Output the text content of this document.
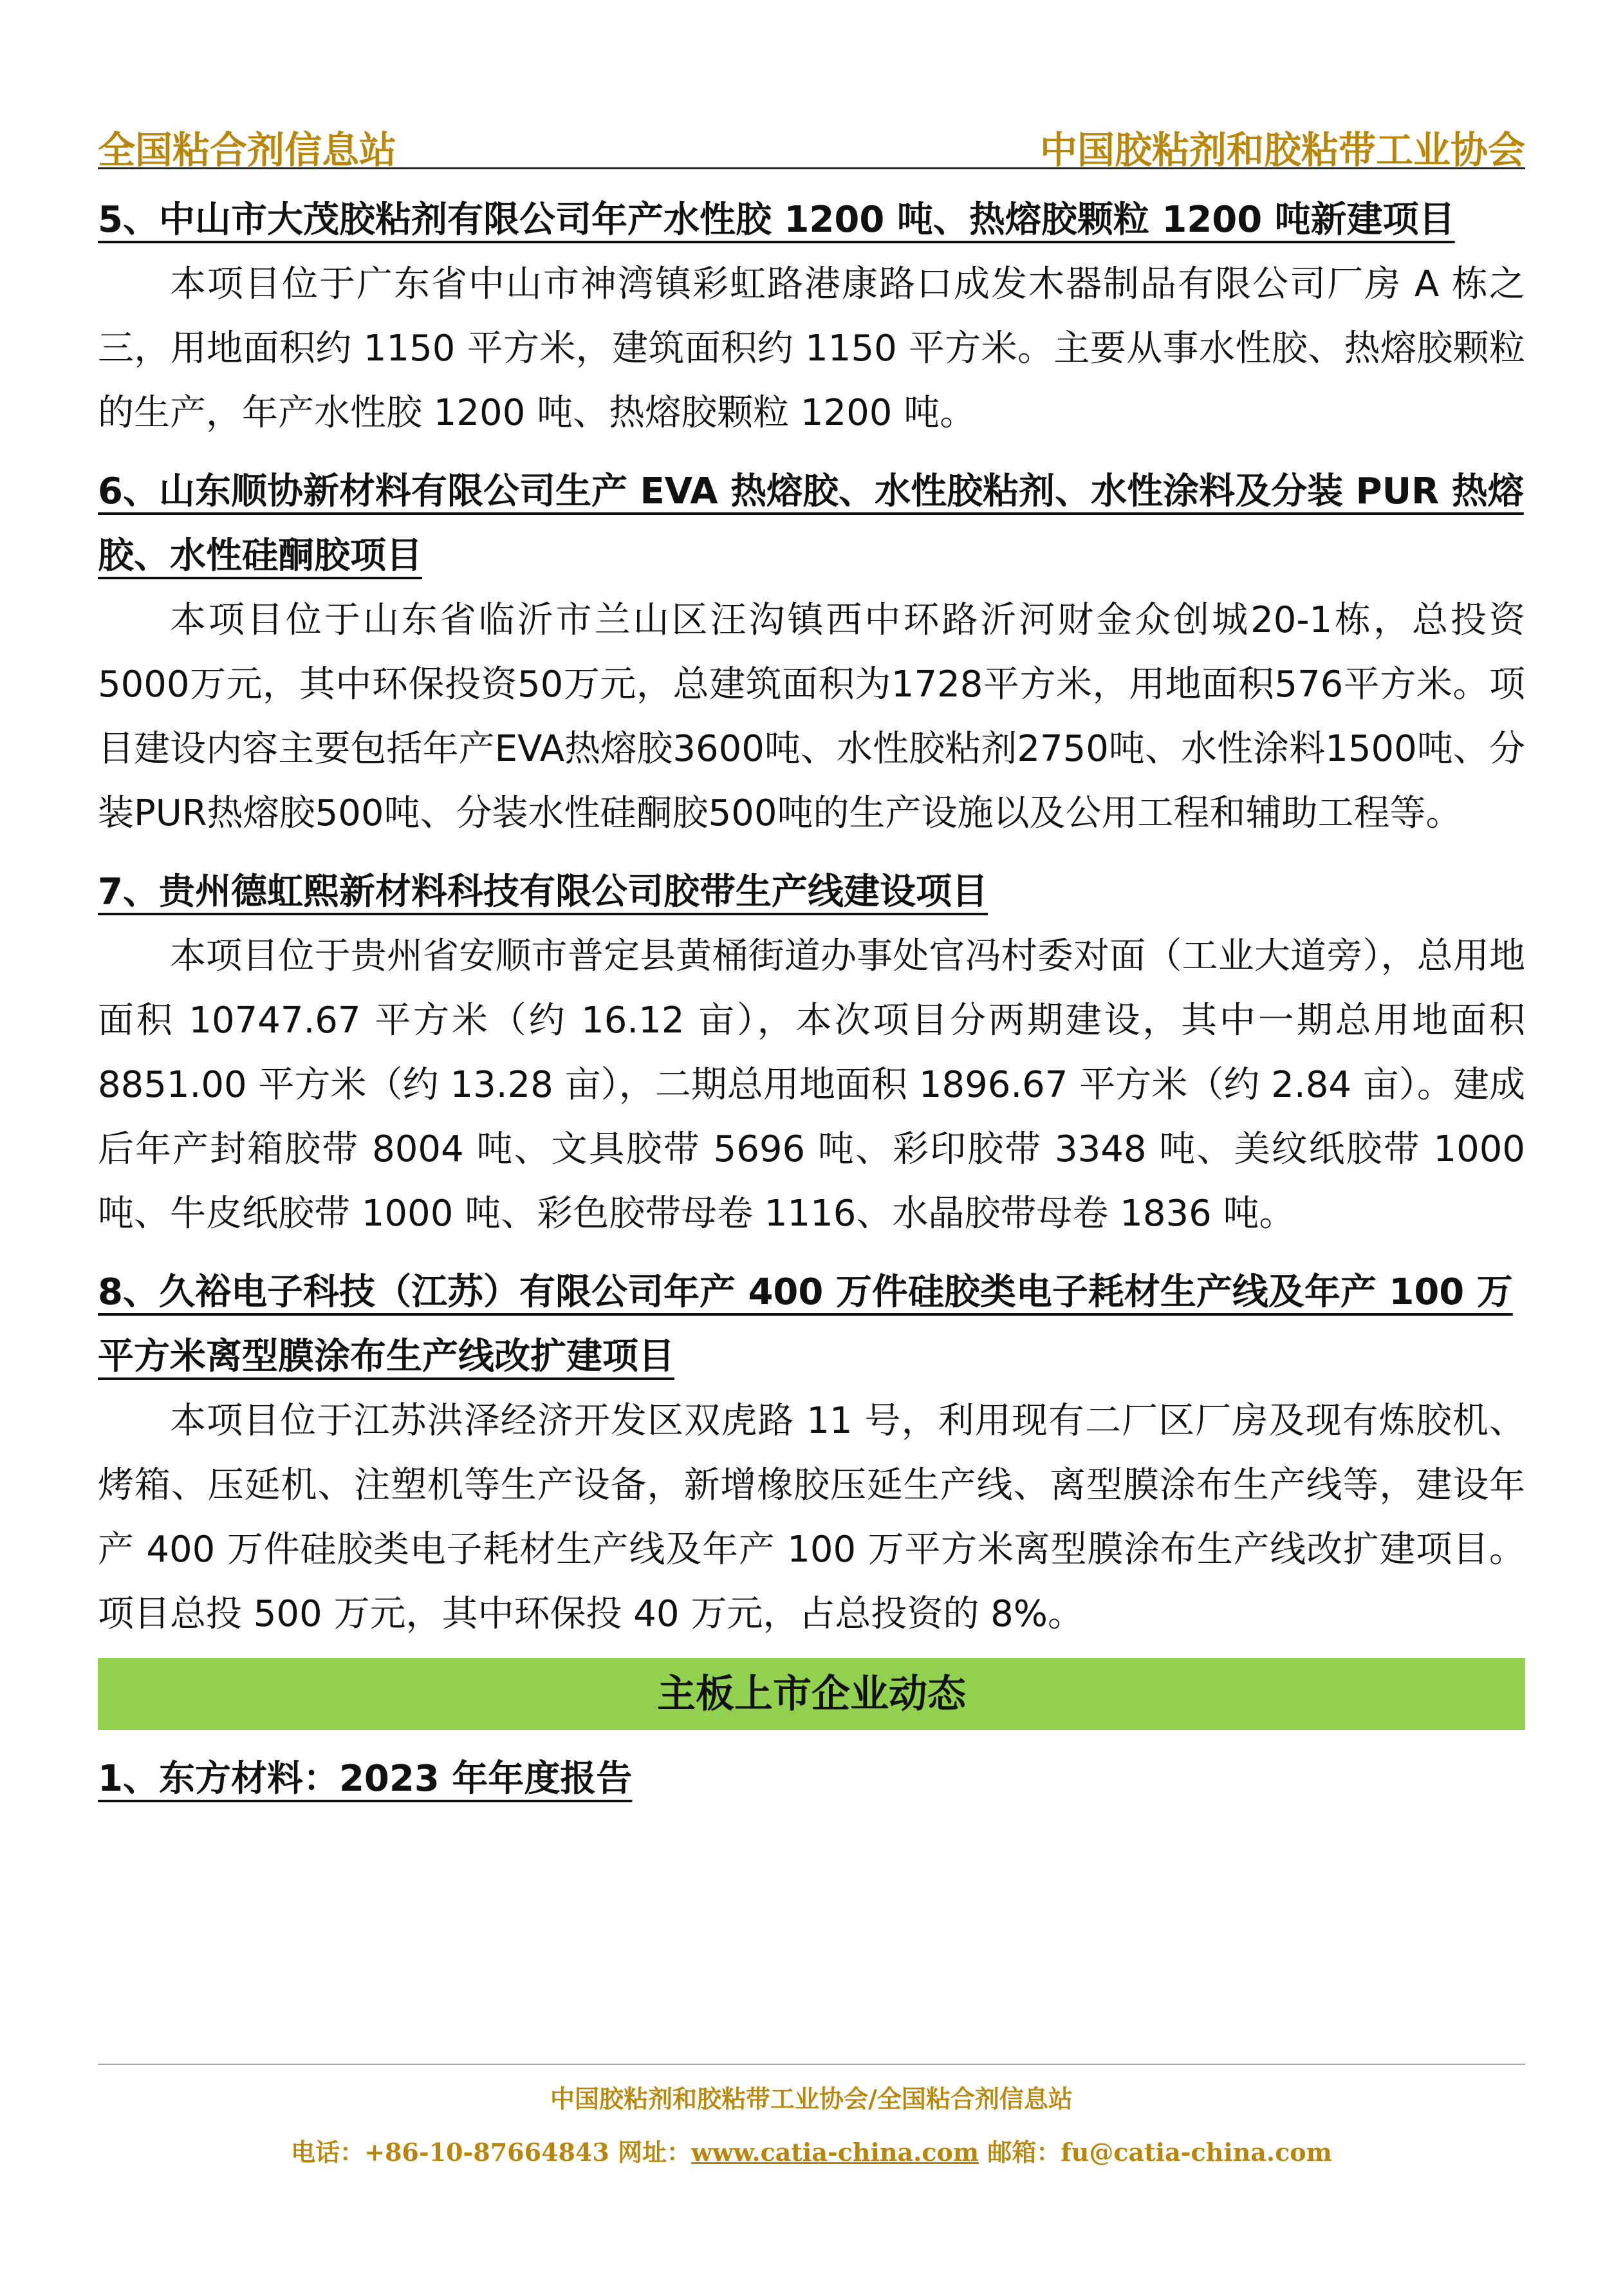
全国粘合剂信息站	中国胶粘剂和胶粘带工业协会

5、中山市大茂胶粘剂有限公司年产水性胶 1200 吨、热熔胶颗粒 1200 吨新建项目

本项目位于广东省中山市神湾镇彩虹路港康路口成发木器制品有限公司厂房 A 栋之三，用地面积约 1150 平方米，建筑面积约 1150 平方米。主要从事水性胶、热熔胶颗粒的生产，年产水性胶 1200 吨、热熔胶颗粒 1200 吨。

6、山东顺协新材料有限公司生产 EVA 热熔胶、水性胶粘剂、水性涂料及分装 PUR 热熔胶、水性硅酮胶项目

本项目位于山东省临沂市兰山区汪沟镇西中环路沂河财金众创城20-1栋，总投资5000万元，其中环保投资50万元，总建筑面积为1728平方米，用地面积576平方米。项目建设内容主要包括年产EVA热熔胶3600吨、水性胶粘剂2750吨、水性涂料1500吨、分装PUR热熔胶500吨、分装水性硅酮胶500吨的生产设施以及公用工程和辅助工程等。

7、贵州德虹熙新材料科技有限公司胶带生产线建设项目

本项目位于贵州省安顺市普定县黄桶街道办事处官冯村委对面（工业大道旁），总用地面积 10747.67 平方米（约 16.12 亩），本次项目分两期建设，其中一期总用地面积 8851.00 平方米（约 13.28 亩），二期总用地面积 1896.67 平方米（约 2.84 亩）。建成后年产封箱胶带 8004 吨、文具胶带 5696 吨、彩印胶带 3348 吨、美纹纸胶带 1000 吨、牛皮纸胶带 1000 吨、彩色胶带母卷 1116、水晶胶带母卷 1836 吨。

8、久裕电子科技（江苏）有限公司年产 400 万件硅胶类电子耗材生产线及年产 100 万平方米离型膜涂布生产线改扩建项目

本项目位于江苏洪泽经济开发区双虎路 11 号，利用现有二厂区厂房及现有炼胶机、烤箱、压延机、注塑机等生产设备，新增橡胶压延生产线、离型膜涂布生产线等，建设年产 400 万件硅胶类电子耗材生产线及年产 100 万平方米离型膜涂布生产线改扩建项目。项目总投 500 万元，其中环保投 40 万元，占总投资的 8%。

主板上市企业动态

1、东方材料：2023 年年度报告

中国胶粘剂和胶粘带工业协会/全国粘合剂信息站
电话：+86-10-87664843 网址：www.catia-china.com 邮箱：fu@catia-china.com
